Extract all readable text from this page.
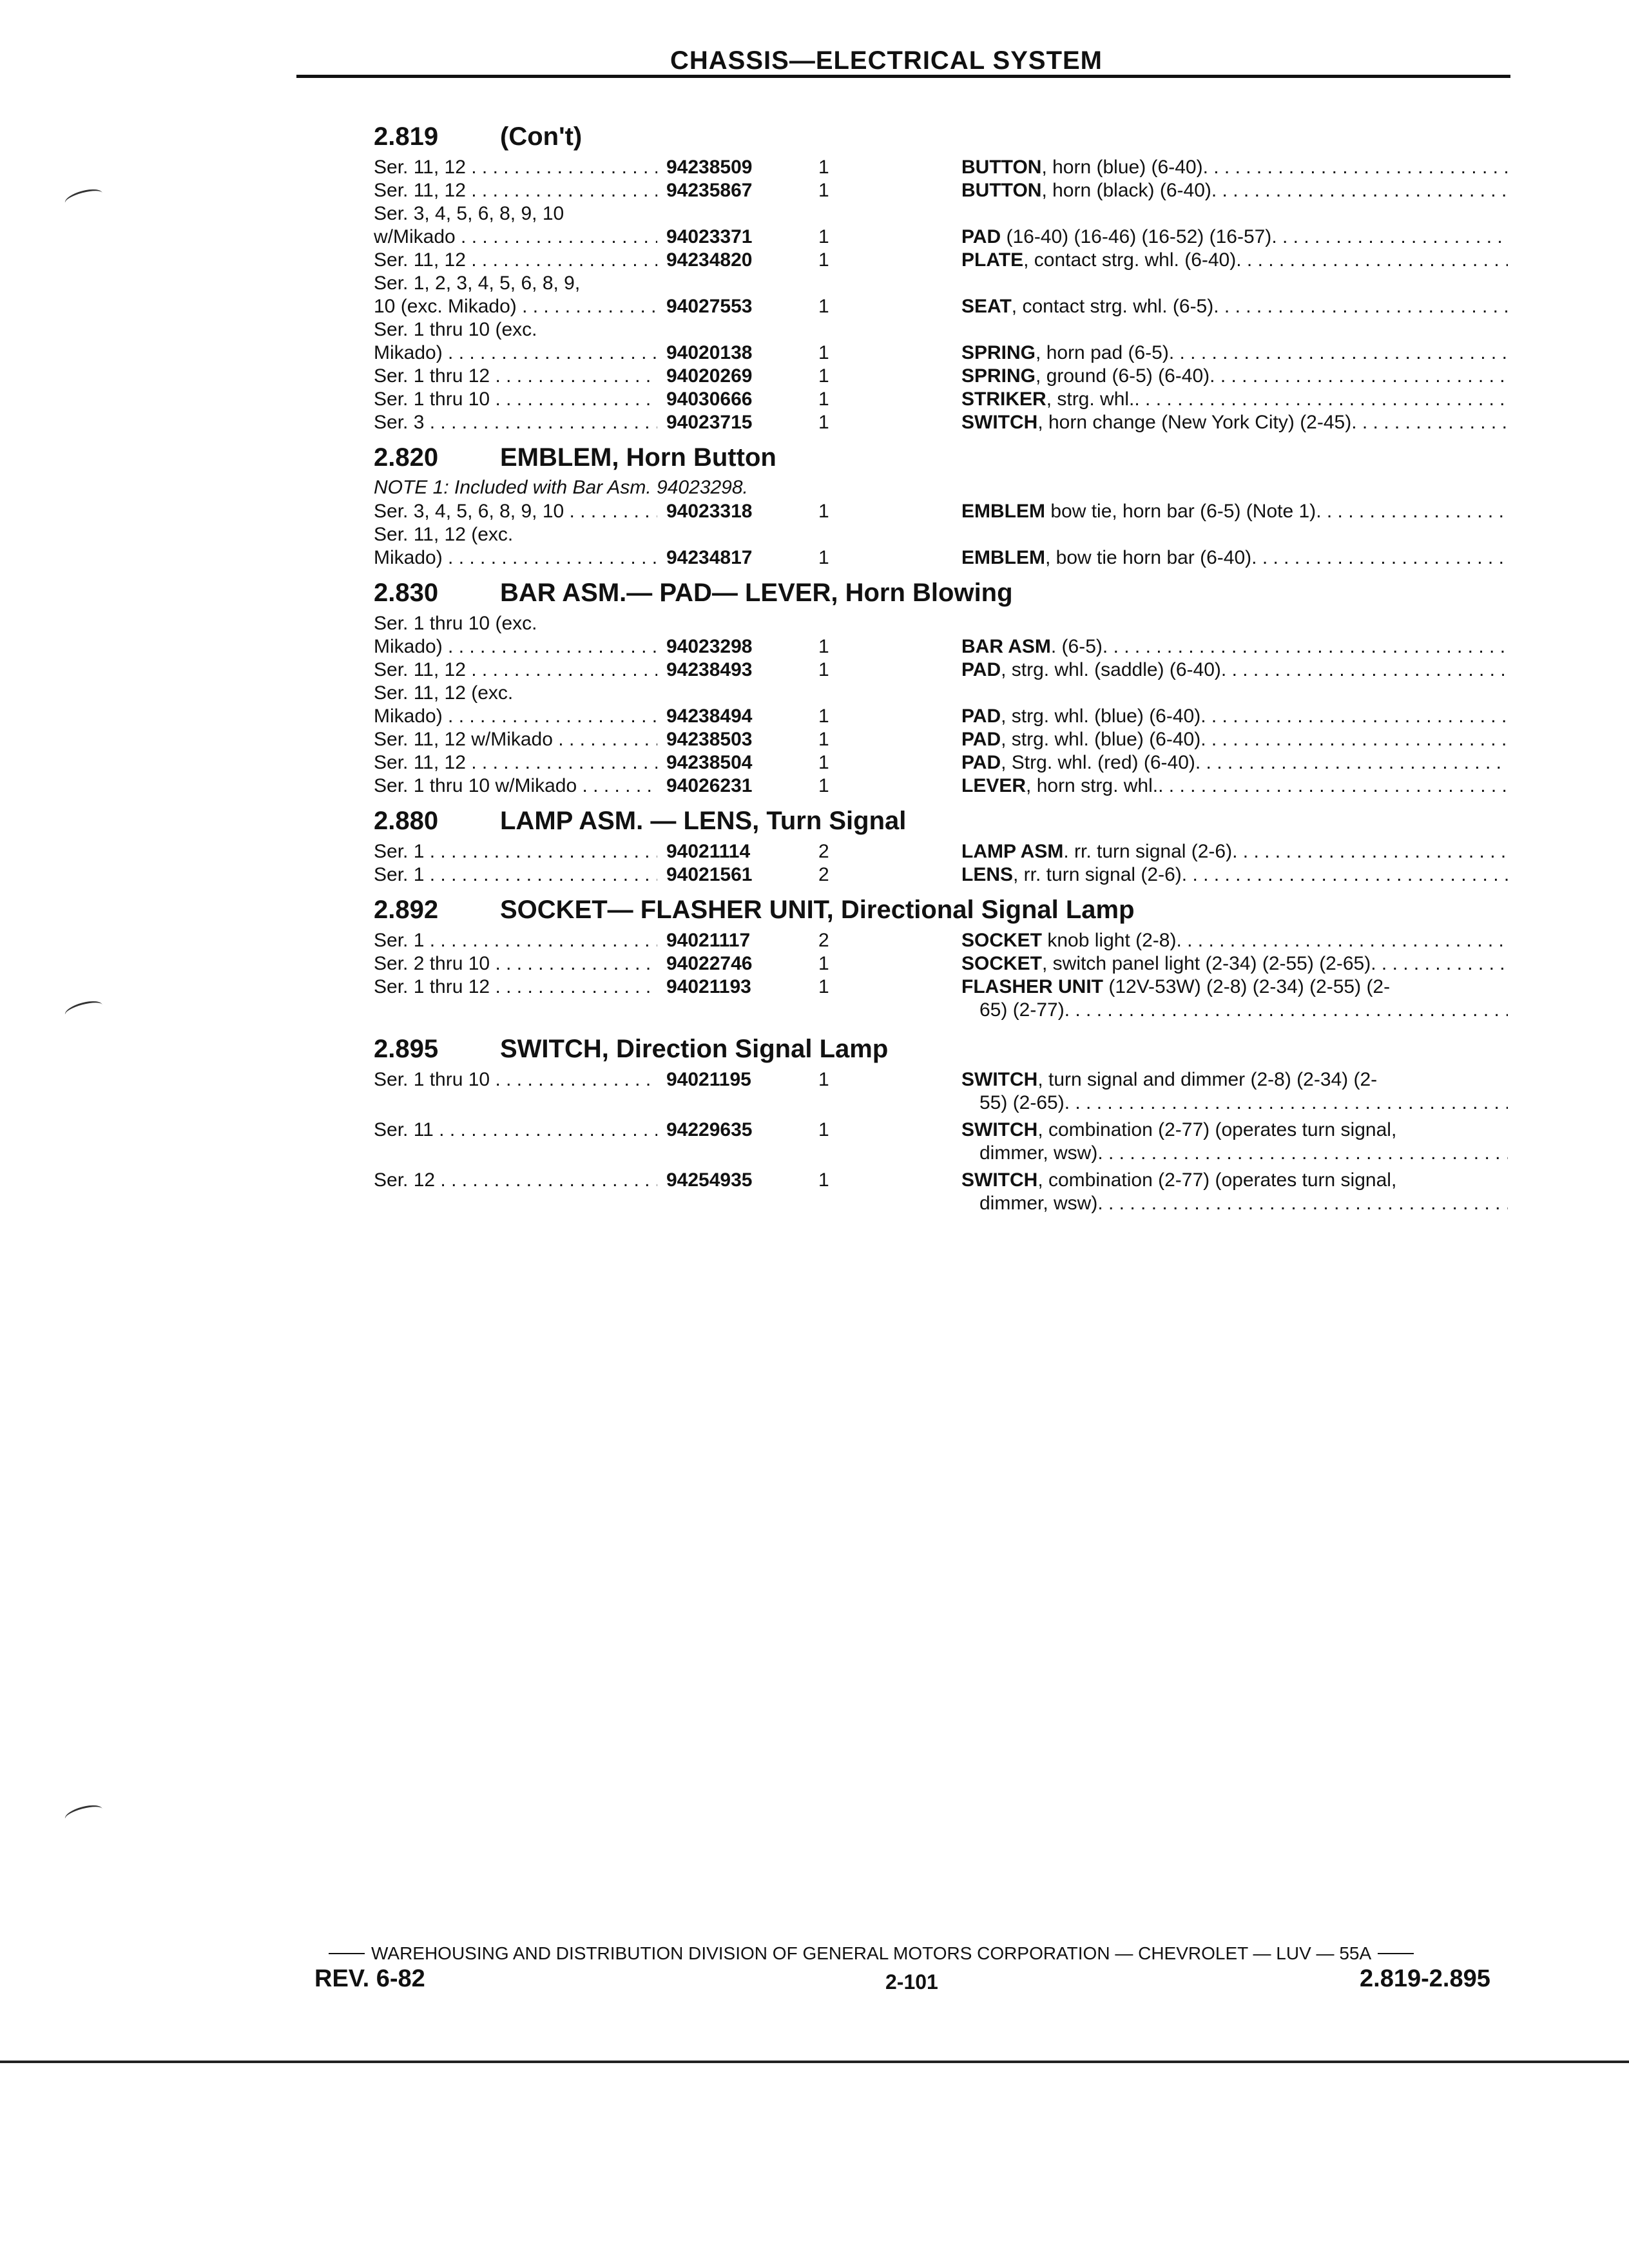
CHASSIS—ELECTRICAL SYSTEM
2.819 (Con't)
Ser. 11, 12 . . .	94238509	1	BUTTON, horn (blue) (6-40)
. . .
Ser. 11, 12 . . .	94235867	1	BUTTON, horn (black) (6-40)
. . .
Ser. 3, 4, 5, 6, 8, 9, 10
w/Mikado . . .	94023371	1	PAD (16-40) (16-46) (16-52) (16-57)
. . .
Ser. 11, 12 . . .	94234820	1	PLATE, contact strg. whl. (6-40)
. . .
Ser. 1, 2, 3, 4, 5, 6, 8, 9,
10 (exc. Mikado) . . .	94027553	1	SEAT, contact strg. whl. (6-5)
. . .
Ser. 1 thru 10 (exc.
Mikado) . . .	94020138	1	SPRING, horn pad (6-5)
. . .
Ser. 1 thru 12 . . .	94020269	1	SPRING, ground (6-5) (6-40)
. . .
Ser. 1 thru 10 . . .	94030666	1	STRIKER, strg. whl.
. . .
Ser. 3 . . .	94023715	1	SWITCH, horn change (New York City) (2-45)
. . .
2.820 EMBLEM, Horn Button
NOTE 1: Included with Bar Asm. 94023298.
Ser. 3, 4, 5, 6, 8, 9, 10 . . .	94023318	1	EMBLEM bow tie, horn bar (6-5) (Note 1)
. . .
Ser. 11, 12 (exc.
Mikado) . . .	94234817	1	EMBLEM, bow tie horn bar (6-40)
. . .
2.830 BAR ASM.— PAD— LEVER, Horn Blowing
Ser. 1 thru 10 (exc.
Mikado) . . .	94023298	1	BAR ASM. (6-5)
. . .
Ser. 11, 12 . . .	94238493	1	PAD, strg. whl. (saddle) (6-40)
. . .
Ser. 11, 12 (exc.
Mikado) . . .	94238494	1	PAD, strg. whl. (blue) (6-40)
. . .
Ser. 11, 12 w/Mikado . . .	94238503	1	PAD, strg. whl. (blue) (6-40)
. . .
Ser. 11, 12 . . .	94238504	1	PAD, Strg. whl. (red) (6-40)
. . .
Ser. 1 thru 10 w/Mikado . . .	94026231	1	LEVER, horn strg. whl.
. . .
2.880 LAMP ASM. — LENS, Turn Signal
Ser. 1 . . .	94021114	2	LAMP ASM. rr. turn signal (2-6)
. . .
Ser. 1 . . .	94021561	2	LENS, rr. turn signal (2-6)
. . .
2.892 SOCKET— FLASHER UNIT, Directional Signal Lamp
Ser. 1 . . .	94021117	2	SOCKET knob light (2-8)
. . .
Ser. 2 thru 10 . . .	94022746	1	SOCKET, switch panel light (2-34) (2-55) (2-65)
. . .
Ser. 1 thru 12 . . .	94021193	1	FLASHER UNIT (12V-53W) (2-8) (2-34) (2-55) (2-
65) (2-77)
. . .
2.895 SWITCH, Direction Signal Lamp
Ser. 1 thru 10 . . .	94021195	1	SWITCH, turn signal and dimmer (2-8) (2-34) (2-
55) (2-65)
. . .
Ser. 11 . . .	94229635	1	SWITCH, combination (2-77) (operates turn signal,
dimmer, wsw)
. . .
Ser. 12 . . .	94254935	1	SWITCH, combination (2-77) (operates turn signal,
dimmer, wsw)
. . .
WAREHOUSING AND DISTRIBUTION DIVISION OF GENERAL MOTORS CORPORATION — CHEVROLET — LUV — 55A
REV. 6-82	2-101	2.819-2.895
